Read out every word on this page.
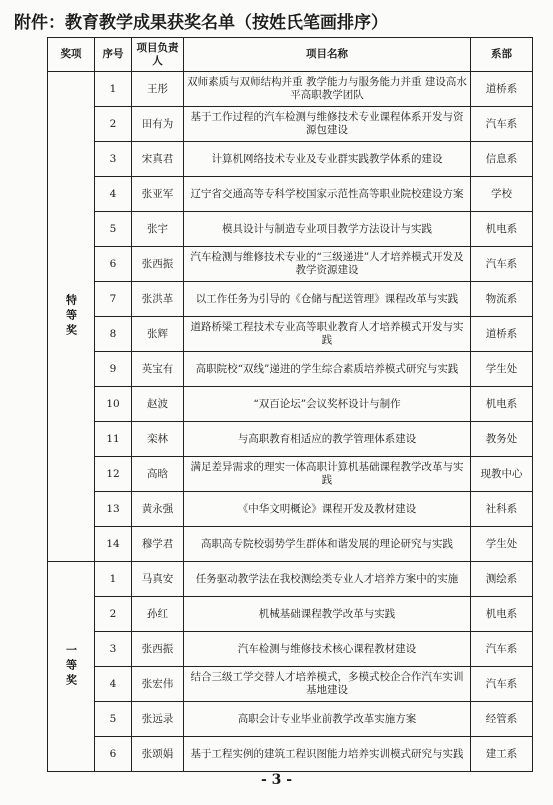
附件：教育教学成果获奖名单（按姓氏笔画排序）
奖项	序号	项目负责人	项目名称	系部
特等奖	1	王彤	双师素质与双师结构并重 教学能力与服务能力并重 建设高水平高职教学团队	道桥系
	2	田有为	基于工作过程的汽车检测与维修技术专业课程体系开发与资源包建设	汽车系
	3	宋真君	计算机网络技术专业及专业群实践教学体系的建设	信息系
	4	张亚军	辽宁省交通高等专科学校国家示范性高等职业院校建设方案	学校
	5	张宇	模具设计与制造专业项目教学方法设计与实践	机电系
	6	张西振	汽车检测与维修技术专业的“三级递进”人才培养模式开发及教学资源建设	汽车系
	7	张洪革	以工作任务为引导的《仓储与配送管理》课程改革与实践	物流系
	8	张辉	道路桥梁工程技术专业高等职业教育人才培养模式开发与实践	道桥系
	9	英宝有	高职院校“双线”递进的学生综合素质培养模式研究与实践	学生处
	10	赵波	“双百论坛”会议奖杯设计与制作	机电系
	11	栾林	与高职教育相适应的教学管理体系建设	教务处
	12	高晗	满足差异需求的理实一体高职计算机基础课程教学改革与实践	现教中心
	13	黄永强	《中华文明概论》课程开发及教材建设	社科系
	14	穆学君	高职高专院校弱势学生群体和谐发展的理论研究与实践	学生处
一等奖	1	马真安	任务驱动教学法在我校测绘类专业人才培养方案中的实施	测绘系
	2	孙红	机械基础课程教学改革与实践	机电系
	3	张西振	汽车检测与维修技术核心课程教材建设	汽车系
	4	张宏伟	结合三级工学交替人才培养模式，多模式校企合作汽车实训基地建设	汽车系
	5	张远录	高职会计专业毕业前教学改革实施方案	经管系
	6	张颂娟	基于工程实例的建筑工程识图能力培养实训模式研究与实践	建工系
- 3 -
